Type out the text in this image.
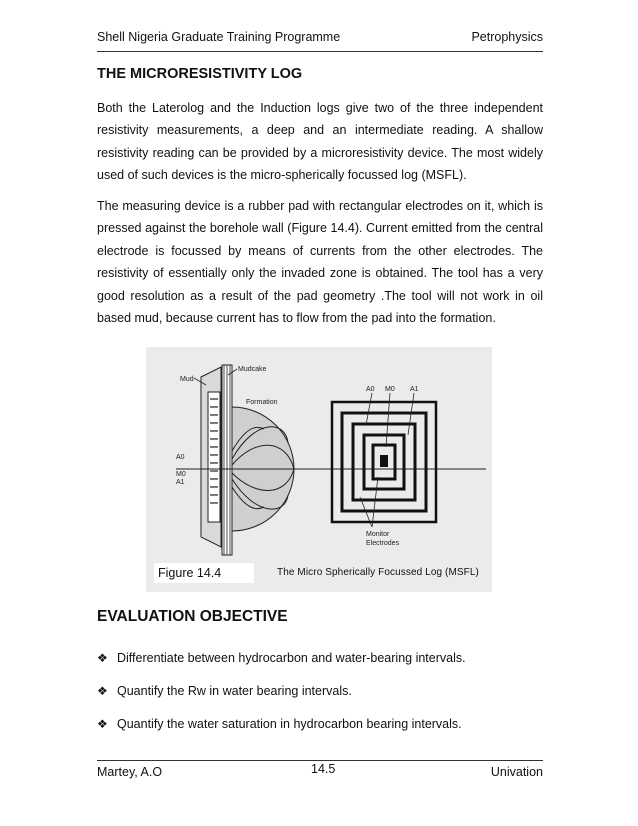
Shell Nigeria Graduate Training Programme	Petrophysics
THE MICRORESISTIVITY LOG

Both the Laterolog and the Induction logs give two of the three independent resistivity measurements, a deep and an intermediate reading. A shallow resistivity reading can be provided by a microresistivity device. The most widely used of such devices is the micro-spherically focussed log (MSFL).

The measuring device is a rubber pad with rectangular electrodes on it, which is pressed against the borehole wall (Figure 14.4). Current emitted from the central electrode is focussed by means of currents from the other electrodes. The resistivity of essentially only the invaded zone is obtained. The tool has a very good resolution as a result of the pad geometry .The tool will not work in oil based mud, because current has to flow from the pad into the formation.

Mud
Mudcake
Formation
A0
M0
A1
A0 M0 A1
Monitor
Electrodes
Figure 14.4	The Micro Spherically Focussed Log (MSFL)
EVALUATION OBJECTIVE
❖ Differentiate between hydrocarbon and water-bearing intervals.
❖ Quantify the Rw in water bearing intervals.
❖ Quantify the water saturation in hydrocarbon bearing intervals.
Martey, A.O	14.5	Univation
